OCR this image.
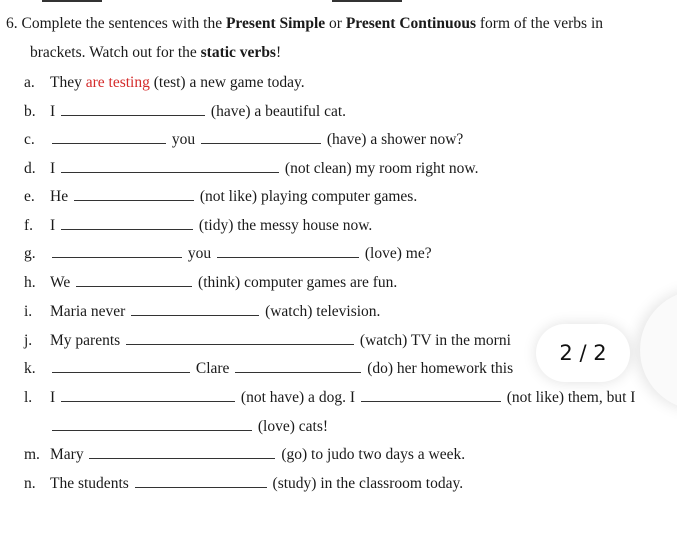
6. Complete the sentences with the Present Simple or Present Continuous form of the verbs in
brackets. Watch out for the static verbs!
a. They are testing (test) a new game today.
b. I	(have) a beautiful cat.
c.	you	(have) a shower now?
d. I	(not clean) my room right now.
e. He	(not like) playing computer games.
f. I	(tidy) the messy house now.
g.	you	(love) me?
h. We	(think) computer games are fun.
i. Maria never	(watch) television.
j. My parents	(watch) TV in the morni
k.	Clare	(do) her homework this
l. I	(not have) a dog. I	(not like) them, but I
(love) cats!
m. Mary	(go) to judo two days a week.
n. The students	(study) in the classroom today.
2 / 2
